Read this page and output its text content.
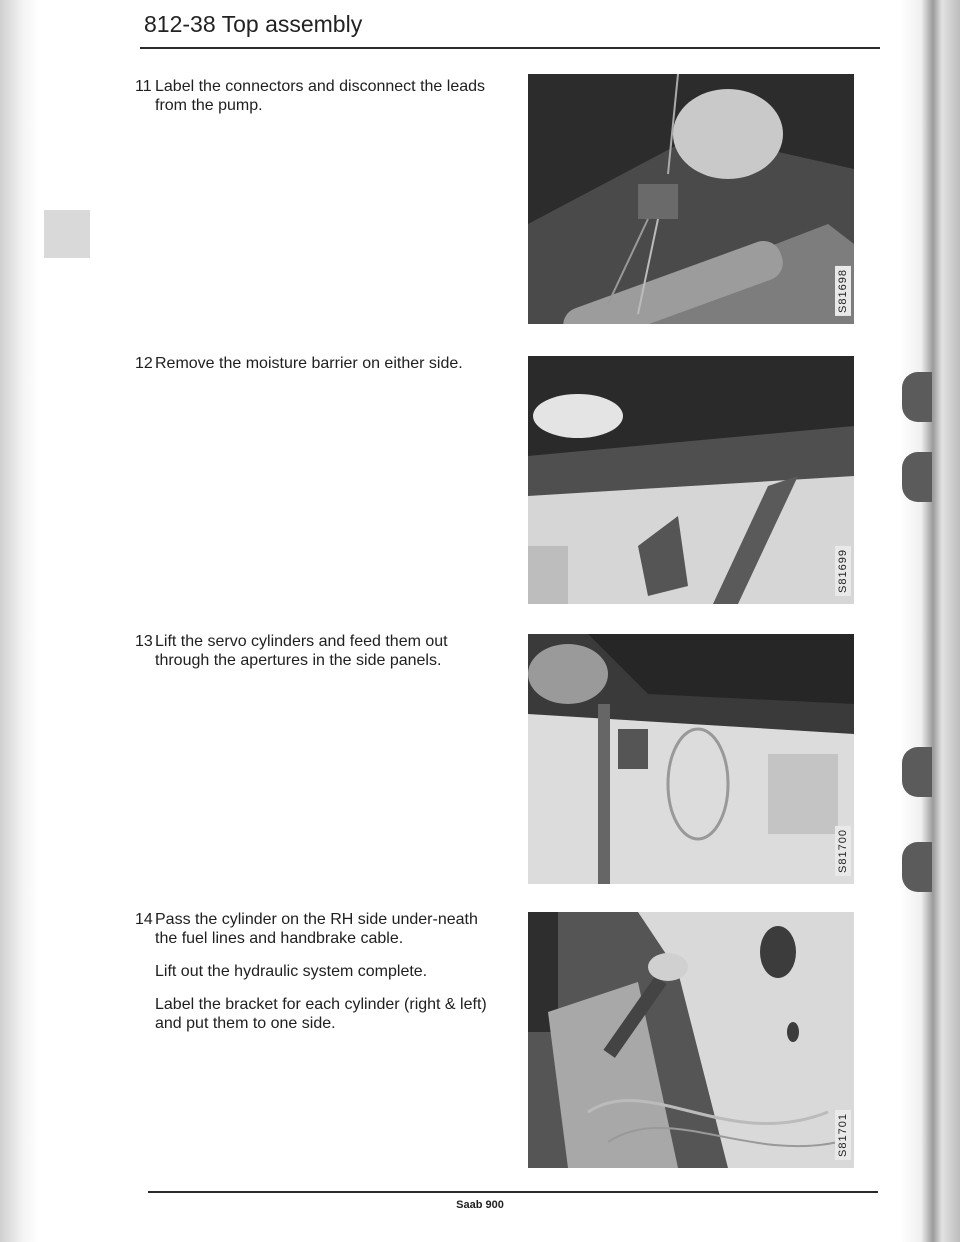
812-38 Top assembly
11 Label the connectors and disconnect the leads from the pump.

S81698
12 Remove the moisture barrier on either side.

S81699
13 Lift the servo cylinders and feed them out through the apertures in the side panels.

S81700
14 Pass the cylinder on the RH side under-neath the fuel lines and handbrake cable.

Lift out the hydraulic system complete.

Label the bracket for each cylinder (right & left) and put them to one side.

S81701
Saab 900
